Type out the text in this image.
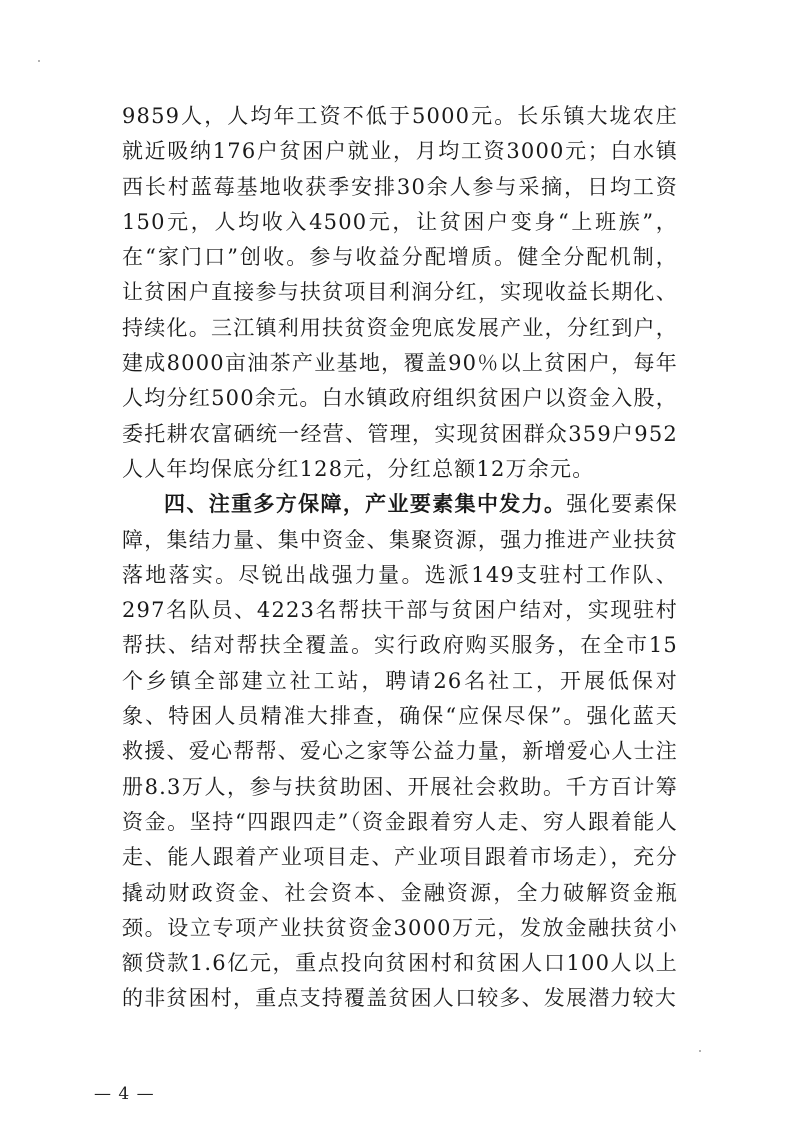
9859人，人均年工资不低于5000元。长乐镇大垅农庄就近吸纳176户贫困户就业，月均工资3000元；白水镇西长村蓝莓基地收获季安排30余人参与采摘，日均工资150元，人均收入4500元，让贫困户变身“上班族”，在“家门口”创收。参与收益分配增质。健全分配机制，让贫困户直接参与扶贫项目利润分红，实现收益长期化、持续化。三江镇利用扶贫资金兜底发展产业，分红到户，建成8000亩油茶产业基地，覆盖90％以上贫困户，每年人均分红500余元。白水镇政府组织贫困户以资金入股，委托耕农富硒统一经营、管理，实现贫困群众359户952人人年均保底分红128元，分红总额12万余元。

四、注重多方保障，产业要素集中发力。强化要素保障，集结力量、集中资金、集聚资源，强力推进产业扶贫落地落实。尽锐出战强力量。选派149支驻村工作队、297名队员、4223名帮扶干部与贫困户结对，实现驻村帮扶、结对帮扶全覆盖。实行政府购买服务，在全市15个乡镇全部建立社工站，聘请26名社工，开展低保对象、特困人员精准大排查，确保“应保尽保”。强化蓝天救援、爱心帮帮、爱心之家等公益力量，新增爱心人士注册8.3万人，参与扶贫助困、开展社会救助。千方百计筹资金。坚持“四跟四走”（资金跟着穷人走、穷人跟着能人走、能人跟着产业项目走、产业项目跟着市场走），充分撬动财政资金、社会资本、金融资源，全力破解资金瓶颈。设立专项产业扶贫资金3000万元，发放金融扶贫小额贷款1.6亿元，重点投向贫困村和贫困人口100人以上的非贫困村，重点支持覆盖贫困人口较多、发展潜力较大

— 4 —
